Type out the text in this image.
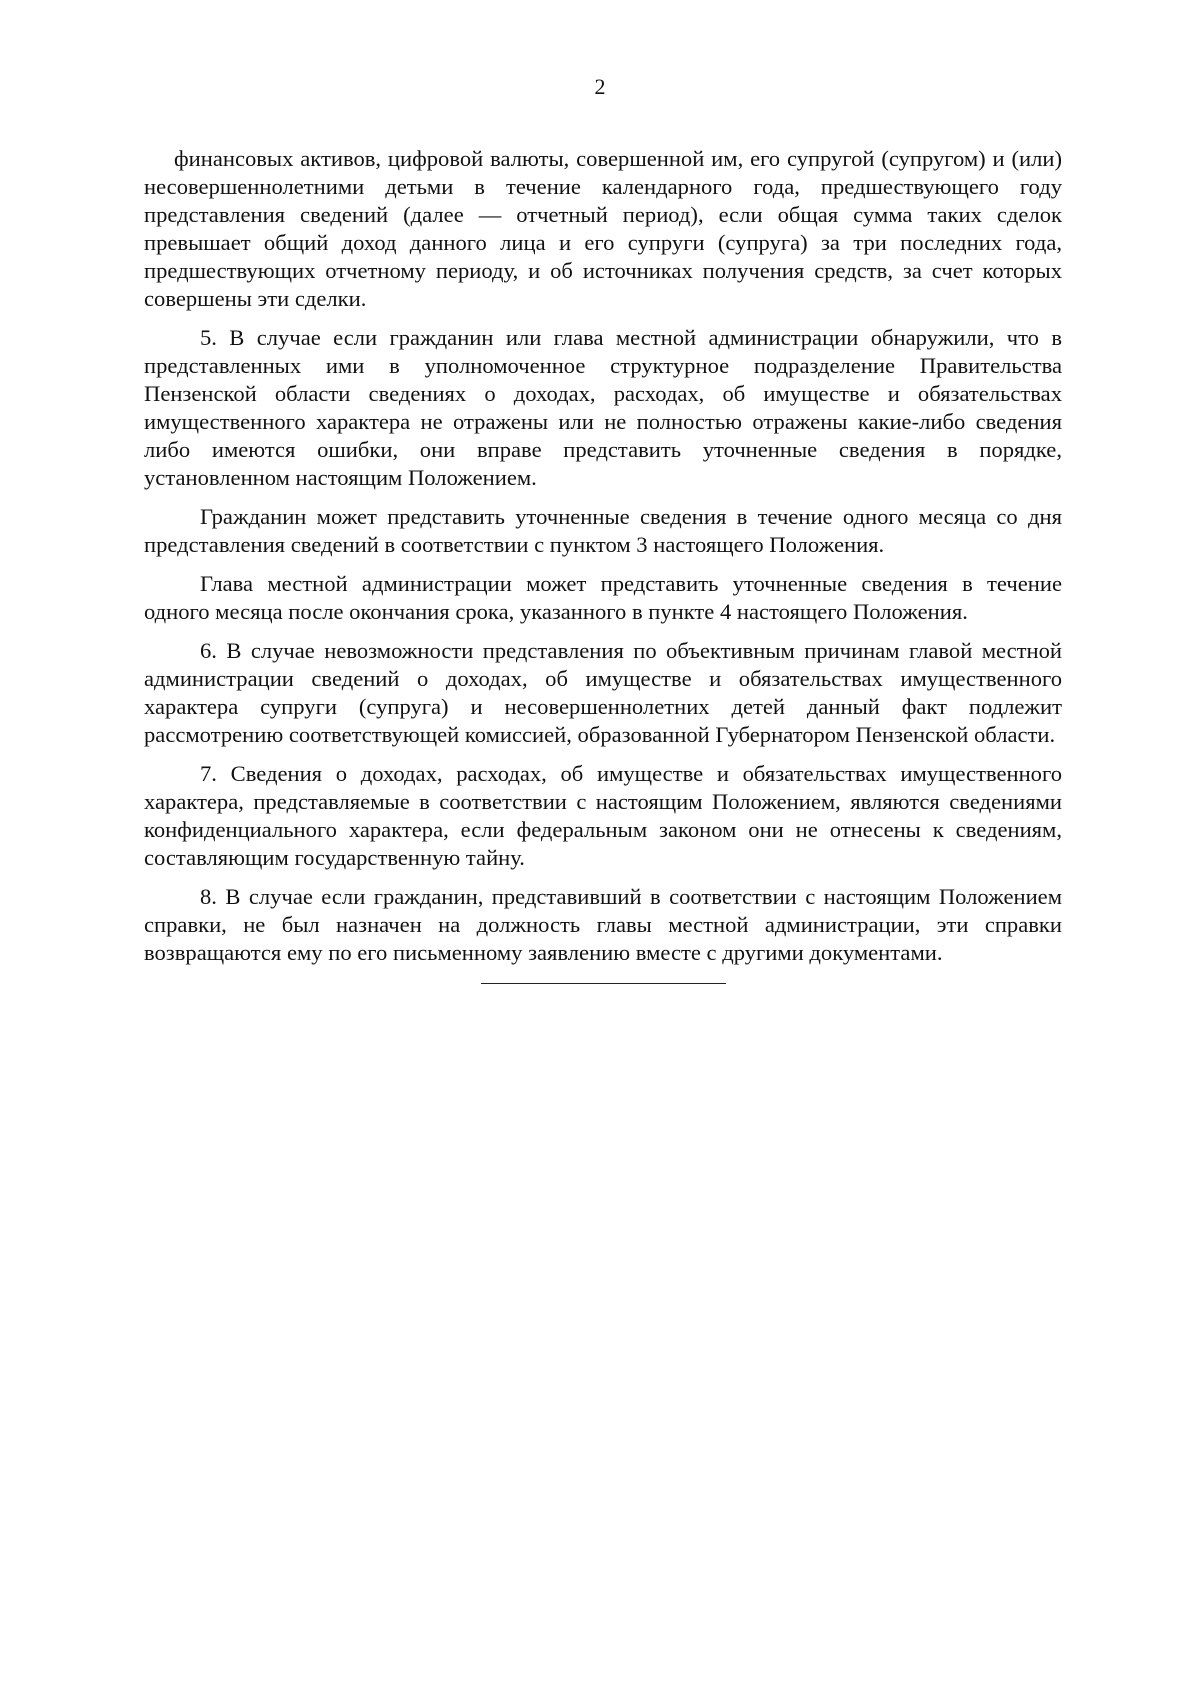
2

финансовых активов, цифровой валюты, совершенной им, его супругой (супругом) и (или) несовершеннолетними детьми в течение календарного года, предшествующего году представления сведений (далее — отчетный период), если общая сумма таких сделок превышает общий доход данного лица и его супруги (супруга) за три последних года, предшествующих отчетному периоду, и об источниках получения средств, за счет которых совершены эти сделки.

5. В случае если гражданин или глава местной администрации обнаружили, что в представленных ими в уполномоченное структурное подразделение Правительства Пензенской области сведениях о доходах, расходах, об имуществе и обязательствах имущественного характера не отражены или не полностью отражены какие-либо сведения либо имеются ошибки, они вправе представить уточненные сведения в порядке, установленном настоящим Положением.

Гражданин может представить уточненные сведения в течение одного месяца со дня представления сведений в соответствии с пунктом 3 настоящего Положения.

Глава местной администрации может представить уточненные сведения в течение одного месяца после окончания срока, указанного в пункте 4 настоящего Положения.

6. В случае невозможности представления по объективным причинам главой местной администрации сведений о доходах, об имуществе и обязательствах имущественного характера супруги (супруга) и несовершеннолетних детей данный факт подлежит рассмотрению соответствующей комиссией, образованной Губернатором Пензенской области.

7. Сведения о доходах, расходах, об имуществе и обязательствах имущественного характера, представляемые в соответствии с настоящим Положением, являются сведениями конфиденциального характера, если федеральным законом они не отнесены к сведениям, составляющим государственную тайну.

8. В случае если гражданин, представивший в соответствии с настоящим Положением справки, не был назначен на должность главы местной администрации, эти справки возвращаются ему по его письменному заявлению вместе с другими документами.
